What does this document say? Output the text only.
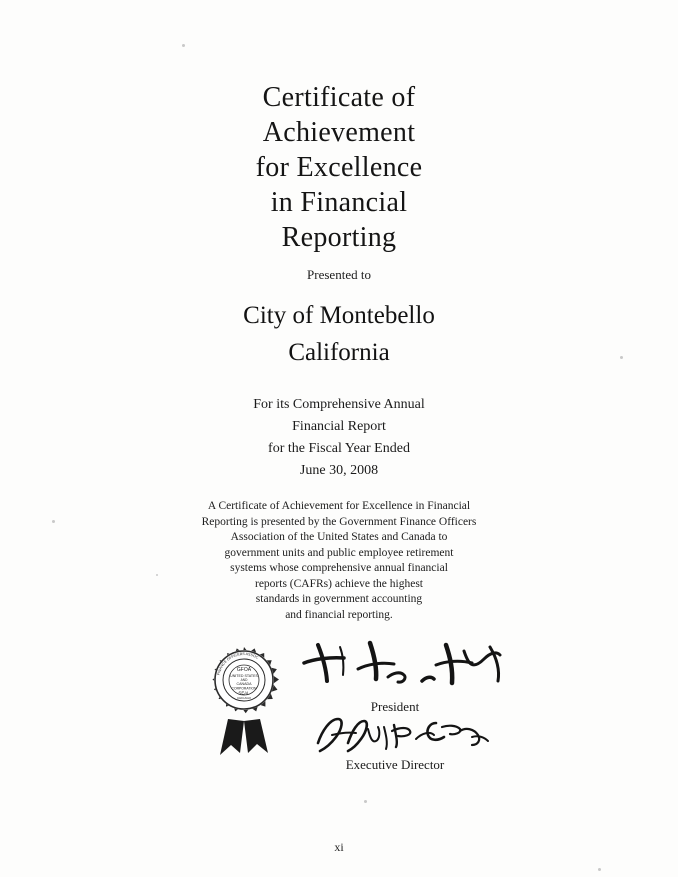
Certificate of
Achievement
for Excellence
in Financial
Reporting
Presented to
City of Montebello
California
For its Comprehensive Annual
Financial Report
for the Fiscal Year Ended
June 30, 2008
A Certificate of Achievement for Excellence in Financial
Reporting is presented by the Government Finance Officers
Association of the United States and Canada to
government units and public employee retirement
systems whose comprehensive annual financial
reports (CAFRs) achieve the highest
standards in government accounting
and financial reporting.
GFOA
UNITED STATES
AND
CANADA
CORPORATION
SEAL
CHICAGO
FINANCE OFFICERS ASSOC
President
Executive Director
xi
